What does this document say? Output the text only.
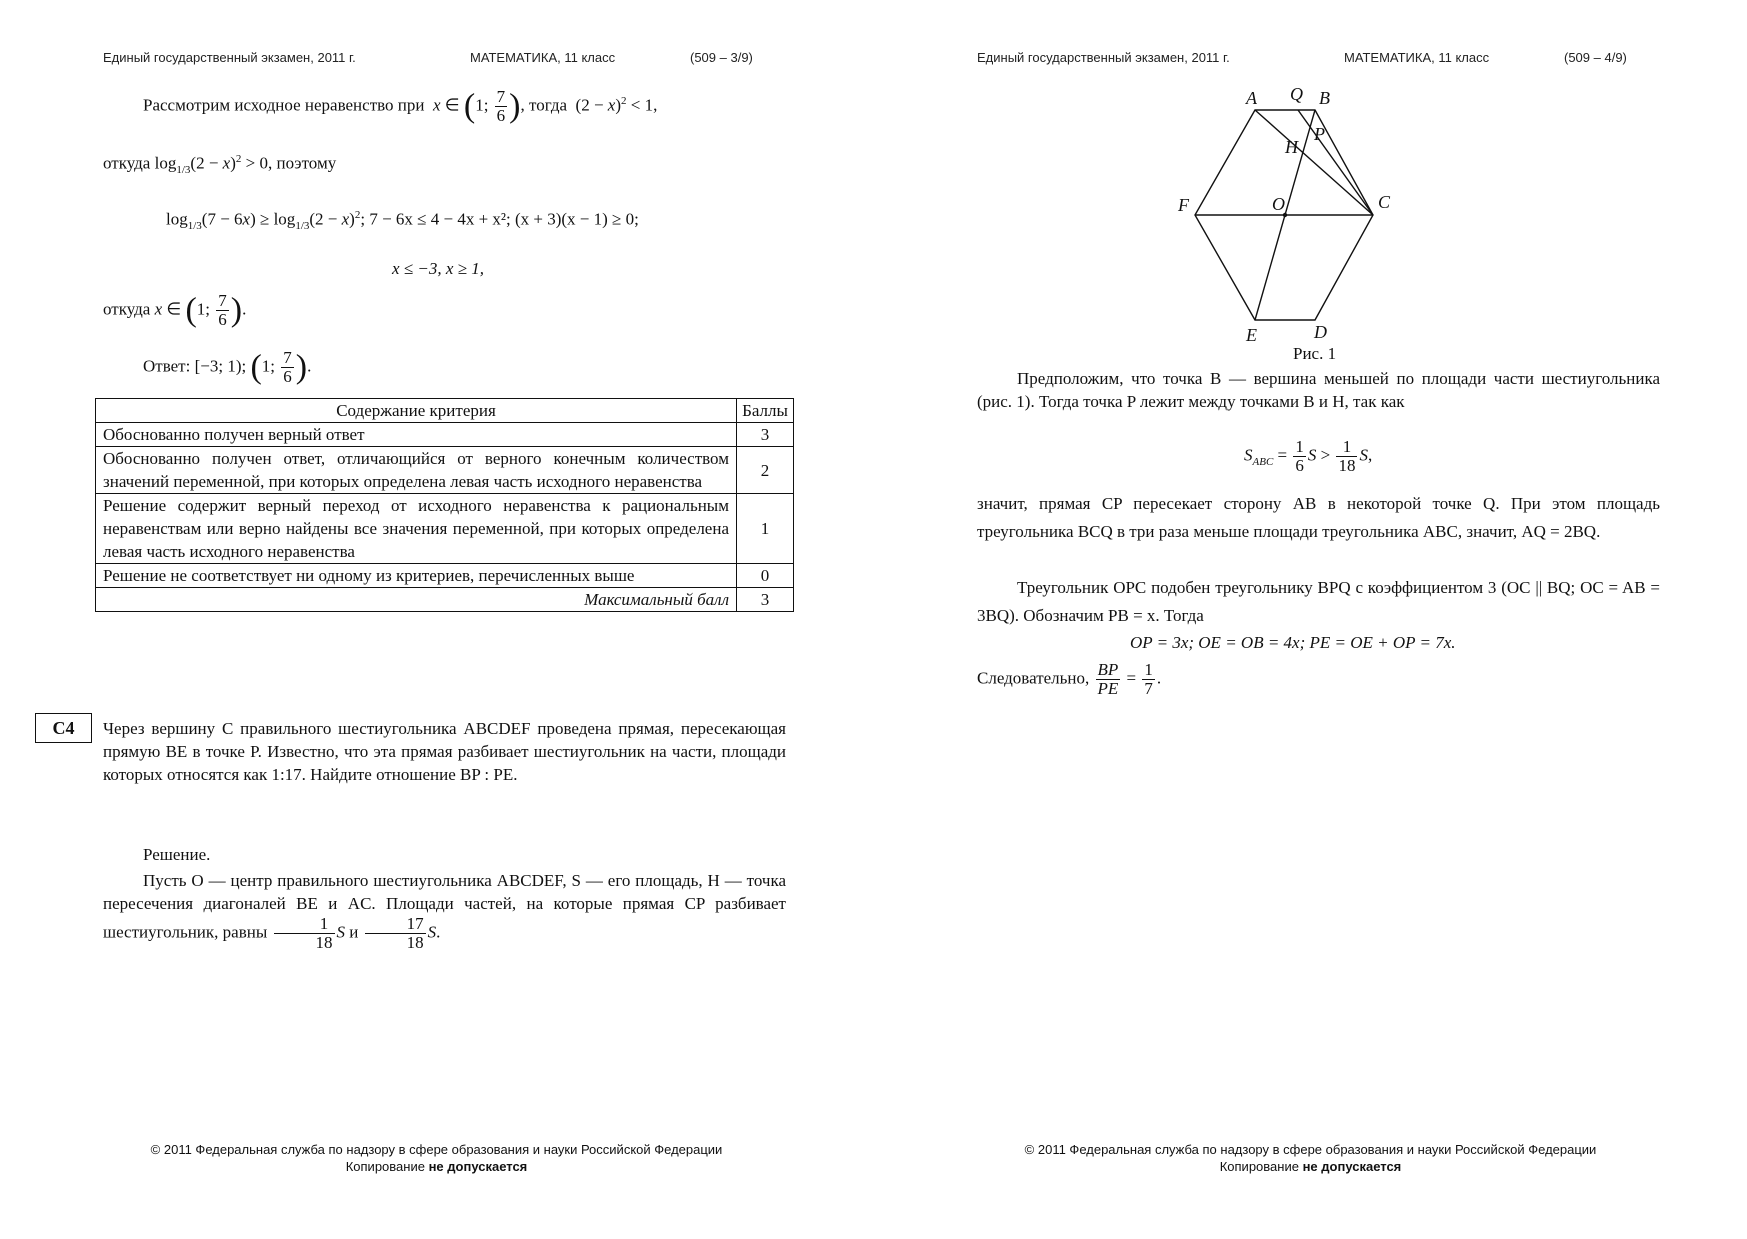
Единый государственный экзамен, 2011 г.	МАТЕМАТИКА, 11 класс	(509 – 3/9)
Рассмотрим исходное неравенство при  x ∈ (1; $\frac{7}{6}$ ), тогда  $(2 - x)^2 < 1$,
откуда $\log_{1/3}(2 - x)^2 > 0$, поэтому
$\log_{1/3}(7 - 6x) \ge \log_{1/3}(2 - x)^2$; 7 − 6x ≤ 4 − 4x + x²; (x + 3)(x − 1) ≥ 0;
x ≤ −3, x ≥ 1,
откуда x ∈ (1; $\frac{7}{6}$ ).
Ответ: [−3; 1); (1; $\frac{7}{6}$ ).
Содержание критерия	Баллы
Обоснованно получен верный ответ	3
Обоснованно получен ответ, отличающийся от верного конечным количеством значений переменной, при которых определена левая часть исходного неравенства	2
Решение содержит верный переход от исходного неравенства к рациональным неравенствам или верно найдены все значения переменной, при которых определена левая часть исходного неравенства	1
Решение не соответствует ни одному из критериев, перечисленных выше	0
Максимальный балл	3
C4	Через вершину C правильного шестиугольника ABCDEF проведена прямая, пересекающая прямую BE в точке P. Известно, что эта прямая разбивает шестиугольник на части, площади которых относятся как 1:17. Найдите отношение BP : PE.
Решение.
Пусть O — центр правильного шестиугольника ABCDEF, S — его площадь, H — точка пересечения диагоналей BE и AC. Площади частей, на которые прямая CP разбивает шестиугольник, равны $\frac{1}{18}$ S и $\frac{17}{18} S$.
© 2011 Федеральная служба по надзору в сфере образования и науки Российской Федерации
Копирование не допускается
Единый государственный экзамен, 2011 г.	МАТЕМАТИКА, 11 класс	(509 – 4/9)
A Q B
P
H
F	O	C
E	D
Рис. 1
Предположим, что точка B — вершина меньшей по площади части шестиугольника (рис. 1). Тогда точка P лежит между точками B и H, так как
$S_{ABC} = \frac{1}{6}$ $S > \frac{1}{18} S$,
значит, прямая CP пересекает сторону AB в некоторой точке Q. При этом площадь треугольника BCQ в три раза меньше площади треугольника ABC, значит, AQ = 2BQ.
Треугольник OPC подобен треугольнику BPQ с коэффициентом 3 (OC || BQ; OC = AB = 3BQ). Обозначим PB = x. Тогда
OP = 3x; OE = OB = 4x; PE = OE + OP = 7x.
Следовательно, $\frac{BP}{PE} = \frac{1}{7}$ .
© 2011 Федеральная служба по надзору в сфере образования и науки Российской Федерации
Копирование не допускается
